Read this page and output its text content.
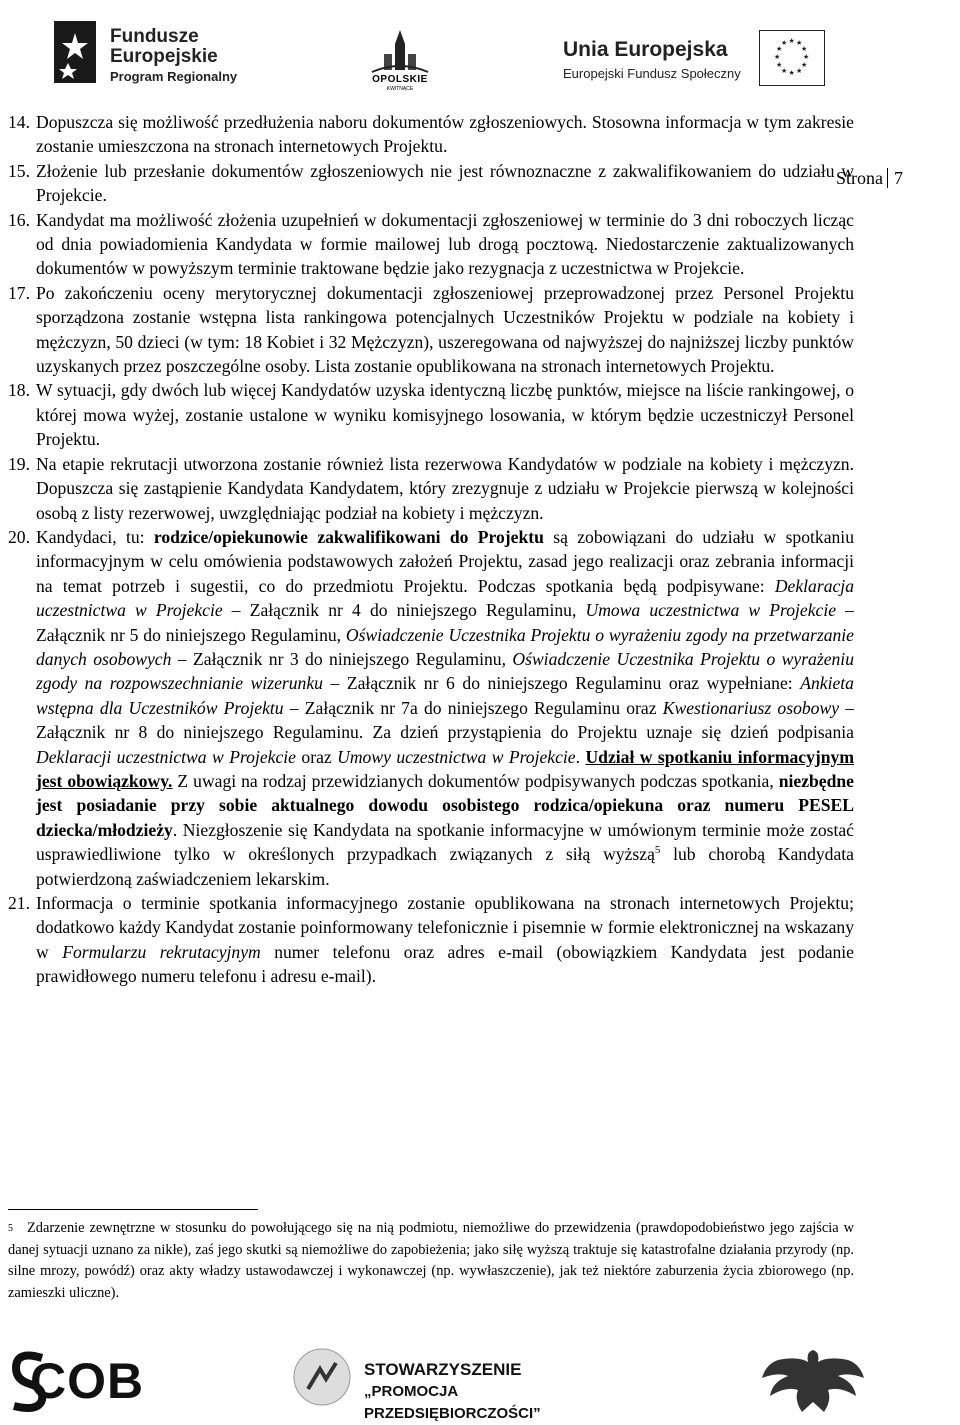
Fundusze
Europejskie
Program Regionalny	OPOLSKIE
KWITNĄCE
Unia Europejska
Europejski Fundusz Społeczny
★ ★
★
★
★
★
★
★
★
★
★
★
Strona 7
14. Dopuszcza się możliwość przedłużenia naboru dokumentów zgłoszeniowych. Stosowna informacja w tym zakresie zostanie umieszczona na stronach internetowych Projektu.
15. Złożenie lub przesłanie dokumentów zgłoszeniowych nie jest równoznaczne z zakwalifikowaniem do udziału w Projekcie.
16. Kandydat ma możliwość złożenia uzupełnień w dokumentacji zgłoszeniowej w terminie do 3 dni roboczych licząc od dnia powiadomienia Kandydata w formie mailowej lub drogą pocztową. Niedostarczenie zaktualizowanych dokumentów w powyższym terminie traktowane będzie jako rezygnacja z uczestnictwa w Projekcie.
17. Po zakończeniu oceny merytorycznej dokumentacji zgłoszeniowej przeprowadzonej przez Personel Projektu sporządzona zostanie wstępna lista rankingowa potencjalnych Uczestników Projektu w podziale na kobiety i mężczyzn, 50 dzieci (w tym: 18 Kobiet i 32 Mężczyzn), uszeregowana od najwyższej do najniższej liczby punktów uzyskanych przez poszczególne osoby. Lista zostanie opublikowana na stronach internetowych Projektu.
18. W sytuacji, gdy dwóch lub więcej Kandydatów uzyska identyczną liczbę punktów, miejsce na liście rankingowej, o której mowa wyżej, zostanie ustalone w wyniku komisyjnego losowania, w którym będzie uczestniczył Personel Projektu.
19. Na etapie rekrutacji utworzona zostanie również lista rezerwowa Kandydatów w podziale na kobiety i mężczyzn. Dopuszcza się zastąpienie Kandydata Kandydatem, który zrezygnuje z udziału w Projekcie pierwszą w kolejności osobą z listy rezerwowej, uwzględniając podział na kobiety i mężczyzn.
20. Kandydaci, tu: rodzice/opiekunowie zakwalifikowani do Projektu są zobowiązani do udziału w spotkaniu informacyjnym w celu omówienia podstawowych założeń Projektu, zasad jego realizacji oraz zebrania informacji na temat potrzeb i sugestii, co do przedmiotu Projektu. Podczas spotkania będą podpisywane: Deklaracja uczestnictwa w Projekcie – Załącznik nr 4 do niniejszego Regulaminu, Umowa uczestnictwa w Projekcie – Załącznik nr 5 do niniejszego Regulaminu, Oświadczenie Uczestnika Projektu o wyrażeniu zgody na przetwarzanie danych osobowych – Załącznik nr 3 do niniejszego Regulaminu, Oświadczenie Uczestnika Projektu o wyrażeniu zgody na rozpowszechnianie wizerunku – Załącznik nr 6 do niniejszego Regulaminu oraz wypełniane: Ankieta wstępna dla Uczestników Projektu – Załącznik nr 7a do niniejszego Regulaminu oraz Kwestionariusz osobowy – Załącznik nr 8 do niniejszego Regulaminu. Za dzień przystąpienia do Projektu uznaje się dzień podpisania Deklaracji uczestnictwa w Projekcie oraz Umowy uczestnictwa w Projekcie. Udział w spotkaniu informacyjnym jest obowiązkowy. Z uwagi na rodzaj przewidzianych dokumentów podpisywanych podczas spotkania, niezbędne jest posiadanie przy sobie aktualnego dowodu osobistego rodzica/opiekuna oraz numeru PESEL dziecka/młodzieży. Niezgłoszenie się Kandydata na spotkanie informacyjne w umówionym terminie może zostać usprawiedliwione tylko w określonych przypadkach związanych z siłą wyższą$^5$ lub chorobą Kandydata potwierdzoną zaświadczeniem lekarskim.
21. Informacja o terminie spotkania informacyjnego zostanie opublikowana na stronach internetowych Projektu; dodatkowo każdy Kandydat zostanie poinformowany telefonicznie i pisemnie w formie elektronicznej na wskazany w Formularzu rekrutacyjnym numer telefonu oraz adres e-mail (obowiązkiem Kandydata jest podanie prawidłowego numeru telefonu i adresu e-mail).
$^5$ Zdarzenie zewnętrzne w stosunku do powołującego się na nią podmiotu, niemożliwe do przewidzenia (prawdopodobieństwo jego zajścia w danej sytuacji uznano za nikłe), zaś jego skutki są niemożliwe do zapobieżenia; jako siłę wyższą traktuje się katastrofalne działania przyrody (np. silne mrozy, powódź) oraz akty władzy ustawodawczej i wykonawczej (np. wywłaszczenie), jak też niektóre zaburzenia życia zbiorowego (np. zamieszki uliczne).
COB	STOWARZYSZENIE
„PROMOCJA PRZEDSIĘBIORCZOŚCI”
